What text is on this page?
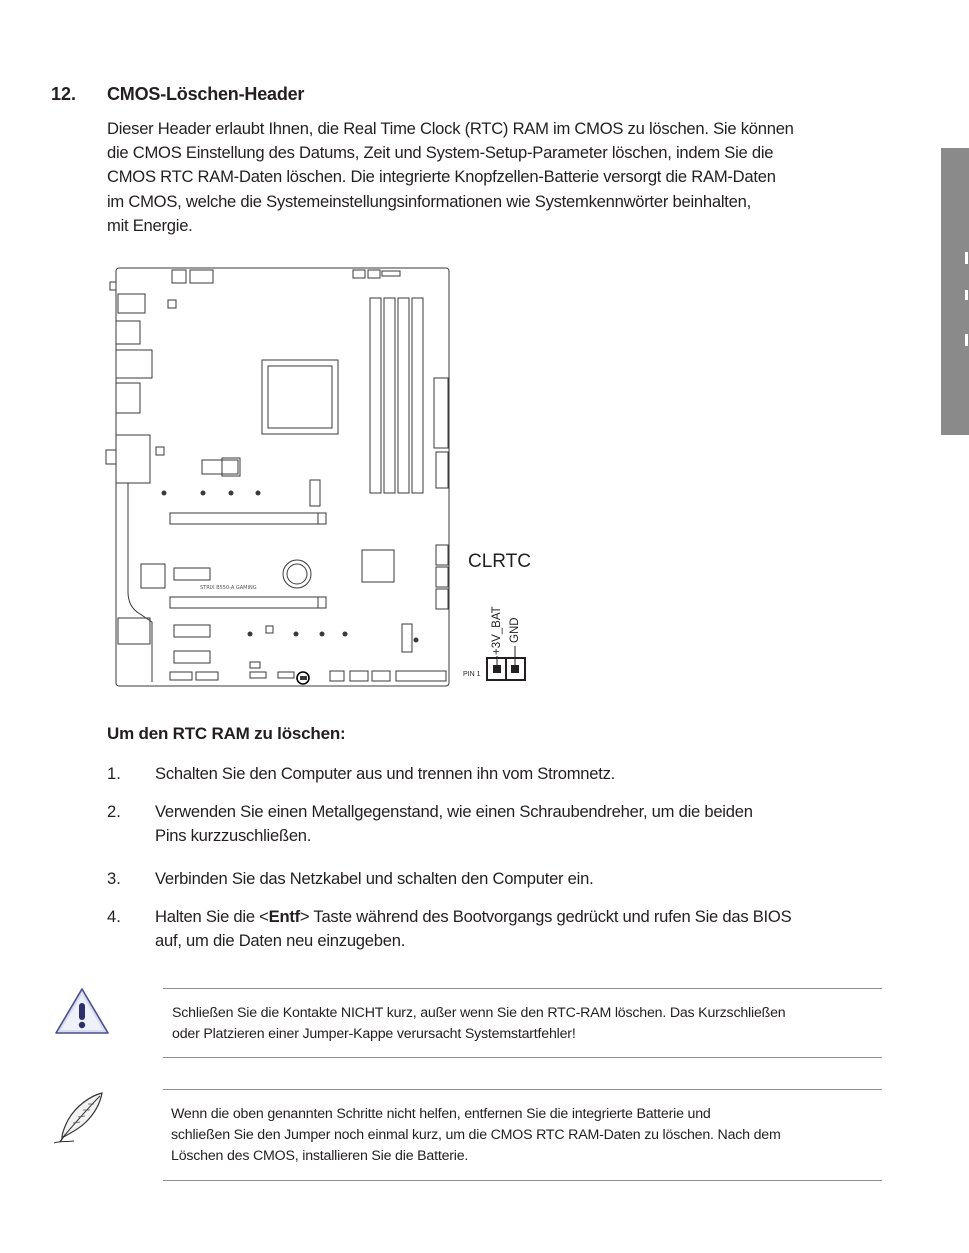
12. CMOS-Löschen-Header

Dieser Header erlaubt Ihnen, die Real Time Clock (RTC) RAM im CMOS zu löschen. Sie können
die CMOS Einstellung des Datums, Zeit und System-Setup-Parameter löschen, indem Sie die
CMOS RTC RAM-Daten löschen. Die integrierte Knopfzellen-Batterie versorgt die RAM-Daten
im CMOS, welche die Systemeinstellungsinformationen wie Systemkennwörter beinhalten,
mit Energie.

STRIX B550-A GAMING
CLRTC
+3V_BAT GND
PIN 1
Um den RTC RAM zu löschen:
1. Schalten Sie den Computer aus und trennen ihn vom Stromnetz.
2. Verwenden Sie einen Metallgegenstand, wie einen Schraubendreher, um die beiden
Pins kurzzuschließen.
3. Verbinden Sie das Netzkabel und schalten den Computer ein.
4. Halten Sie die <Entf> Taste während des Bootvorgangs gedrückt und rufen Sie das BIOS
auf, um die Daten neu einzugeben.
Schließen Sie die Kontakte NICHT kurz, außer wenn Sie den RTC-RAM löschen. Das Kurzschließen
oder Platzieren einer Jumper-Kappe verursacht Systemstartfehler!
Wenn die oben genannten Schritte nicht helfen, entfernen Sie die integrierte Batterie und
schließen Sie den Jumper noch einmal kurz, um die CMOS RTC RAM-Daten zu löschen. Nach dem
Löschen des CMOS, installieren Sie die Batterie.
